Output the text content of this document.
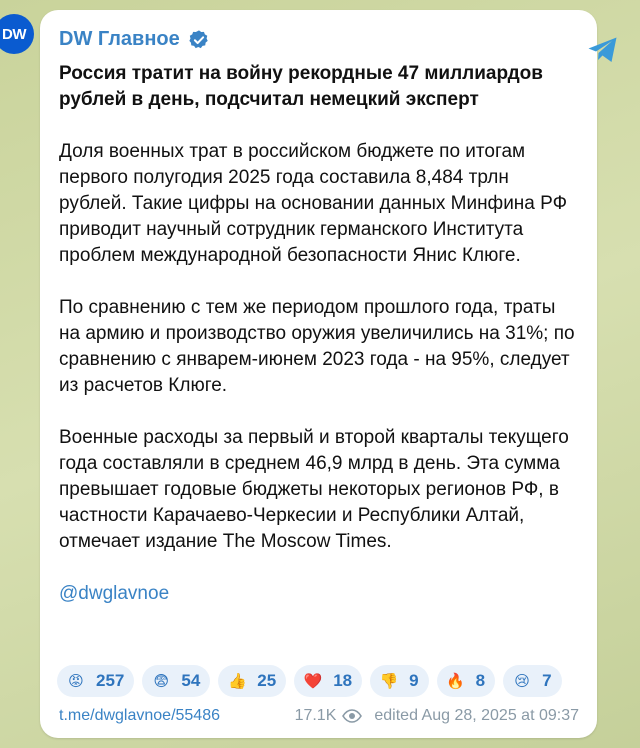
DW	DW Главное

Россия тратит на войну рекордные 47 миллиардов рублей в день, подсчитал немецкий эксперт

Доля военных трат в российском бюджете по итогам первого полугодия 2025 года составила 8,484 трлн рублей. Такие цифры на основании данных Минфина РФ приводит научный сотрудник германского Института проблем международной безопасности Янис Клюге.

По сравнению с тем же периодом прошлого года, траты на армию и производство оружия увеличились на 31%; по сравнению с январем-июнем 2023 года - на 95%, следует из расчетов Клюге.

Военные расходы за первый и второй кварталы текущего года составляли в среднем 46,9 млрд в день. Эта сумма превышает годовые бюджеты некоторых регионов РФ, в частности Карачаево-Черкесии и Республики Алтай, отмечает издание The Moscow Times.

@dwglavnoe

😡 257 😨 54 👍 25 ❤️ 18 👎 9 🔥 8 😢 7
t.me/dwglavnoe/55486	17.1K edited Aug 28, 2025 at 09:37
